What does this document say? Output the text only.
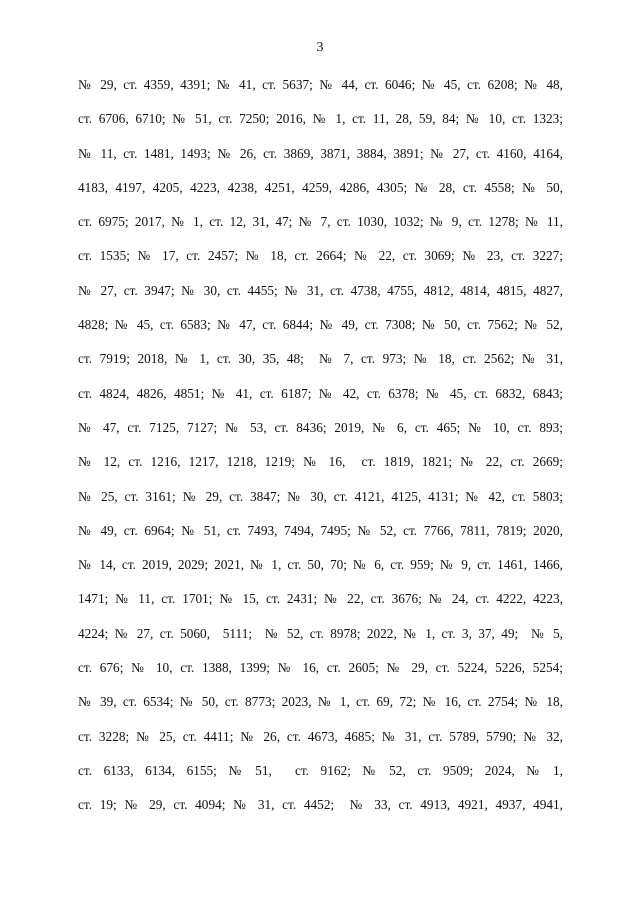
3
№ 29, ст. 4359, 4391; № 41, ст. 5637; № 44, ст. 6046; № 45, ст. 6208; № 48,
ст. 6706, 6710; № 51, ст. 7250; 2016, № 1, ст. 11, 28, 59, 84; № 10, ст. 1323;
№ 11, ст. 1481, 1493; № 26, ст. 3869, 3871, 3884, 3891; № 27, ст. 4160, 4164,
4183, 4197, 4205, 4223, 4238, 4251, 4259, 4286, 4305; № 28, ст. 4558; № 50,
ст. 6975; 2017, № 1, ст. 12, 31, 47; № 7, ст. 1030, 1032; № 9, ст. 1278; № 11,
ст. 1535; № 17, ст. 2457; № 18, ст. 2664; № 22, ст. 3069; № 23, ст. 3227;
№ 27, ст. 3947; № 30, ст. 4455; № 31, ст. 4738, 4755, 4812, 4814, 4815, 4827,
4828; № 45, ст. 6583; № 47, ст. 6844; № 49, ст. 7308; № 50, ст. 7562; № 52,
ст. 7919; 2018, № 1, ст. 30, 35, 48;  № 7, ст. 973; № 18, ст. 2562; № 31,
ст. 4824, 4826, 4851; № 41, ст. 6187; № 42, ст. 6378; № 45, ст. 6832, 6843;
№ 47, ст. 7125, 7127; № 53, ст. 8436; 2019, № 6, ст. 465; № 10, ст. 893;
№ 12, ст. 1216, 1217, 1218, 1219; № 16,  ст. 1819, 1821; № 22, ст. 2669;
№ 25, ст. 3161; № 29, ст. 3847; № 30, ст. 4121, 4125, 4131; № 42, ст. 5803;
№ 49, ст. 6964; № 51, ст. 7493, 7494, 7495; № 52, ст. 7766, 7811, 7819; 2020,
№ 14, ст. 2019, 2029; 2021, № 1, ст. 50, 70; № 6, ст. 959; № 9, ст. 1461, 1466,
1471; № 11, ст. 1701; № 15, ст. 2431; № 22, ст. 3676; № 24, ст. 4222, 4223,
4224; № 27, ст. 5060,  5111;  № 52, ст. 8978; 2022, № 1, ст. 3, 37, 49;  № 5,
ст. 676; № 10, ст. 1388, 1399; № 16, ст. 2605; № 29, ст. 5224, 5226, 5254;
№ 39, ст. 6534; № 50, ст. 8773; 2023, № 1, ст. 69, 72; № 16, ст. 2754; № 18,
ст. 3228; № 25, ст. 4411; № 26, ст. 4673, 4685; № 31, ст. 5789, 5790; № 32,
ст.  6133,  6134,  6155;  №  51,    ст.  9162;  №  52,  ст.  9509;  2024,  №  1,
ст. 19; № 29, ст. 4094; № 31, ст. 4452;  № 33, ст. 4913, 4921, 4937, 4941,
